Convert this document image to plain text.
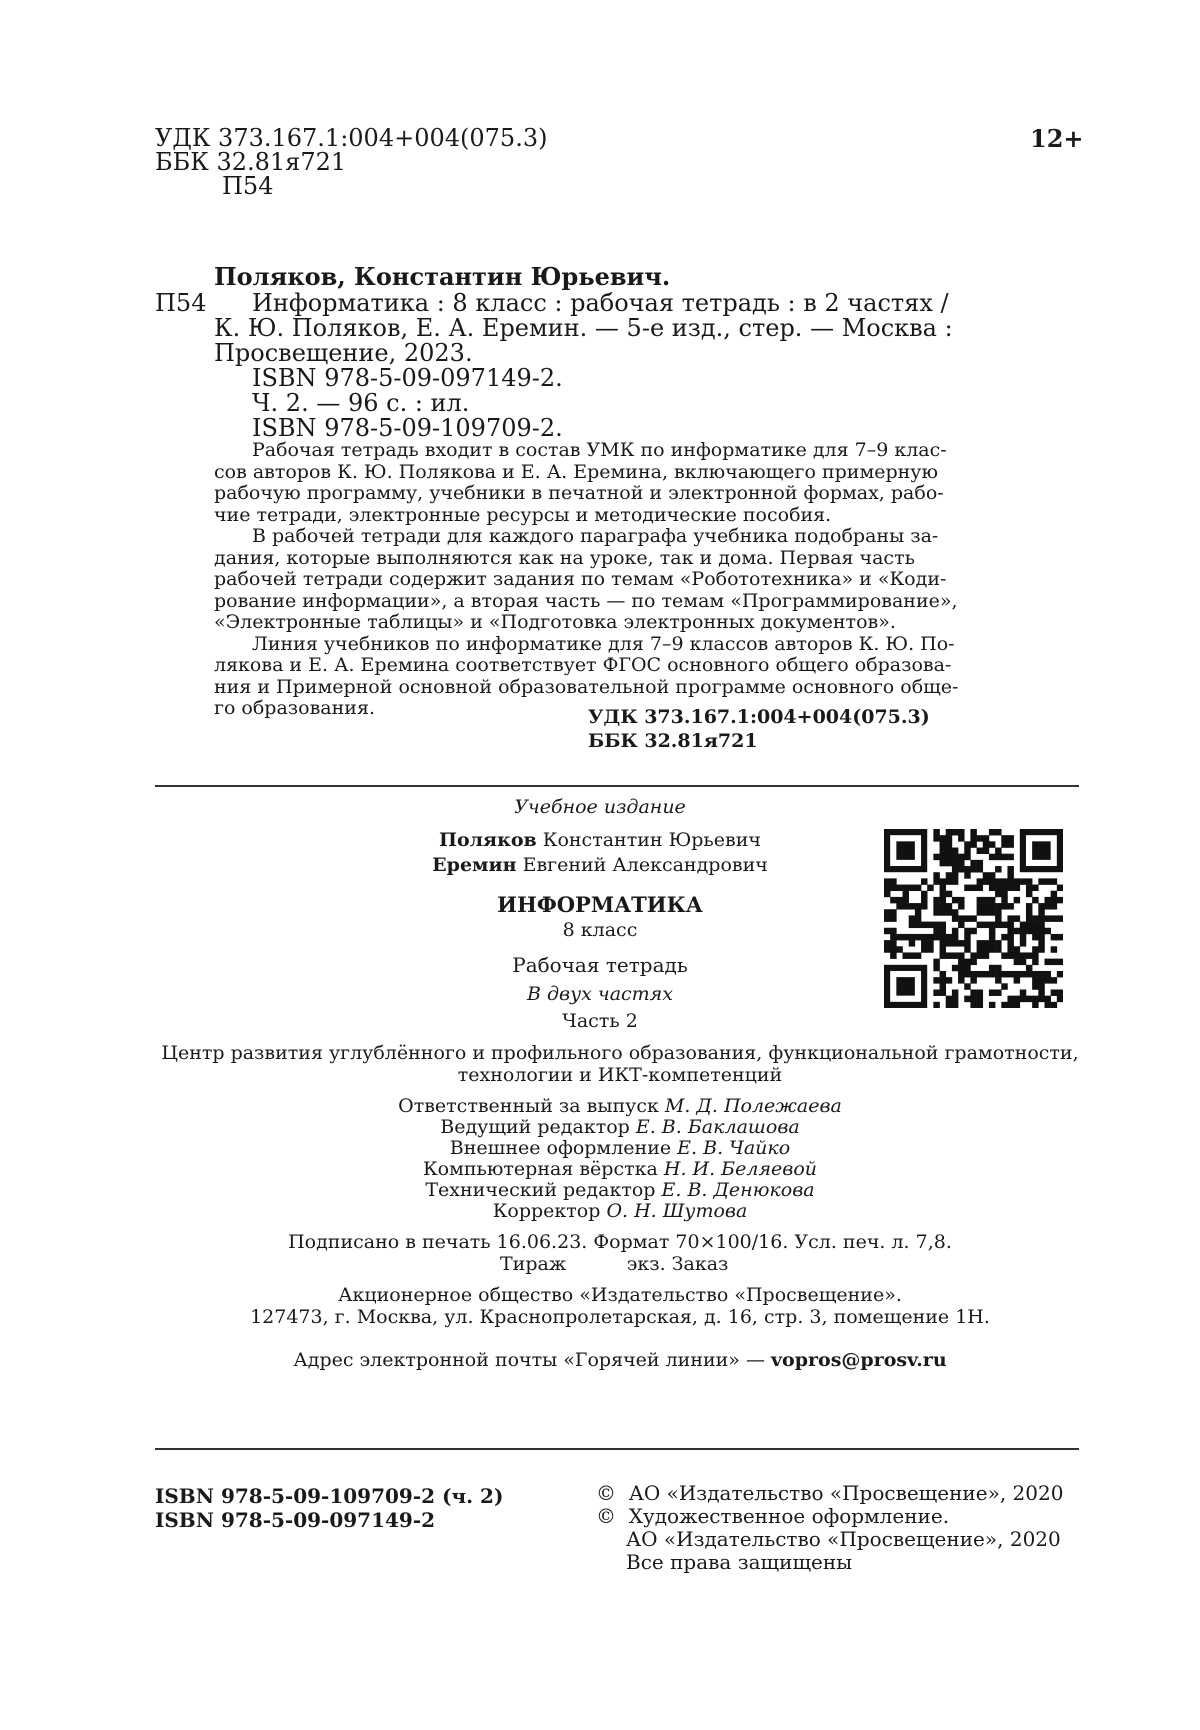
УДК 373.167.1:004+004(075.3)
ББК 32.81я721
П54
12+
Поляков, Константин Юрьевич.
П54 Информатика : 8 класс : рабочая тетрадь : в 2 частях /
К. Ю. Поляков, Е. А. Еремин. — 5-е изд., стер. — Москва :
Просвещение, 2023.
ISBN 978-5-09-097149-2.
Ч. 2. — 96 с. : ил.
ISBN 978-5-09-109709-2.
Рабочая тетрадь входит в состав УМК по информатике для 7–9 клас-
сов авторов К. Ю. Полякова и Е. А. Еремина, включающего примерную
рабочую программу, учебники в печатной и электронной формах, рабо-
чие тетради, электронные ресурсы и методические пособия.
В рабочей тетради для каждого параграфа учебника подобраны за-
дания, которые выполняются как на уроке, так и дома. Первая часть
рабочей тетради содержит задания по темам «Робототехника» и «Коди-
рование информации», а вторая часть — по темам «Программирование»,
«Электронные таблицы» и «Подготовка электронных документов».
Линия учебников по информатике для 7–9 классов авторов К. Ю. По-
лякова и Е. А. Еремина соответствует ФГОС основного общего образова-
ния и Примерной основной образовательной программе основного обще-
го образования.	УДК 373.167.1:004+004(075.3)
ББК 32.81я721
Учебное издание
Поляков Константин Юрьевич
Еремин Евгений Александрович
ИНФОРМАТИКА
8 класс
Рабочая тетрадь
В двух частях
Часть 2
Центр развития углублённого и профильного образования, функциональной грамотности,
технологии и ИКТ-компетенций
Ответственный за выпуск М. Д. Полежаева
Ведущий редактор Е. В. Баклашова
Внешнее оформление Е. В. Чайко
Компьютерная вёрстка Н. И. Беляевой
Технический редактор Е. В. Денюкова
Корректор О. Н. Шутова
Подписано в печать 16.06.23. Формат 70×100/16. Усл. печ. л. 7,8.
Тираж          экз. Заказ
Акционерное общество «Издательство «Просвещение».
127473, г. Москва, ул. Краснопролетарская, д. 16, стр. 3, помещение 1Н.
Адрес электронной почты «Горячей линии» — vopros@prosv.ru
ISBN 978-5-09-109709-2 (ч. 2)
ISBN 978-5-09-097149-2
©  АО «Издательство «Просвещение», 2020
©  Художественное оформление.
АО «Издательство «Просвещение», 2020
Все права защищены
